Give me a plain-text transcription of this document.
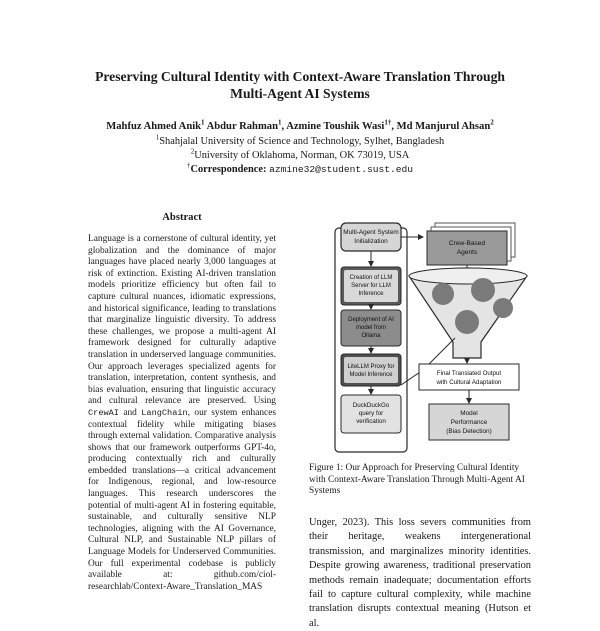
Preserving Cultural Identity with Context-Aware Translation Through
Multi-Agent AI Systems
Mahfuz Ahmed Anik$^1$ Abdur Rahman$^1$, Azmine Toushik Wasi$^{1\dagger}$, Md Manjurul Ahsan$^2$
$^1$Shahjalal University of Science and Technology, Sylhet, Bangladesh
$^2$University of Oklahoma, Norman, OK 73019, USA
†Correspondence: azmine32@student.sust.edu
Abstract
Language is a cornerstone of cultural identity, yet globalization and the dominance of major languages have placed nearly 3,000 languages at risk of extinction. Existing AI-driven translation models prioritize efficiency but often fail to capture cultural nuances, idiomatic expressions, and historical significance, leading to translations that marginalize linguistic diversity. To address these challenges, we propose a multi-agent AI framework designed for culturally adaptive translation in underserved language communities. Our approach leverages specialized agents for translation, interpretation, content synthesis, and bias evaluation, ensuring that linguistic accuracy and cultural relevance are preserved. Using CrewAI and LangChain, our system enhances contextual fidelity while mitigating biases through external validation. Comparative analysis shows that our framework outperforms GPT-4o, producing contextually rich and culturally embedded translations—a critical advancement for Indigenous, regional, and low-resource languages. This research underscores the potential of multi-agent AI in fostering equitable, sustainable, and culturally sensitive NLP technologies, aligning with the AI Governance, Cultural NLP, and Sustainable NLP pillars of Language Models for Underserved Communities. Our full experimental codebase is publicly available at: github.com/ciol-researchlab/Context-Aware_Translation_MAS
Multi-Agent System
Initialization
Creation of LLM
Server for LLM
Inference
Deployment of AI
model from
Ollama
LiteLLM Proxy for
Model Inference
DuckDuckGo
query for
verification
Crew-Based
Agents
Final Translated Output
with Cultural Adaptation
Model
Performance
(Bias Detection)
Figure 1: Our Approach for Preserving Cultural Identity with Context-Aware Translation Through Multi-Agent AI Systems
Unger, 2023). This loss severs communities from their heritage, weakens intergenerational transmission, and marginalizes minority identities. Despite growing awareness, traditional preservation methods remain inadequate; documentation efforts fail to capture cultural complexity, while machine translation disrupts contextual meaning (Hutson et al.
